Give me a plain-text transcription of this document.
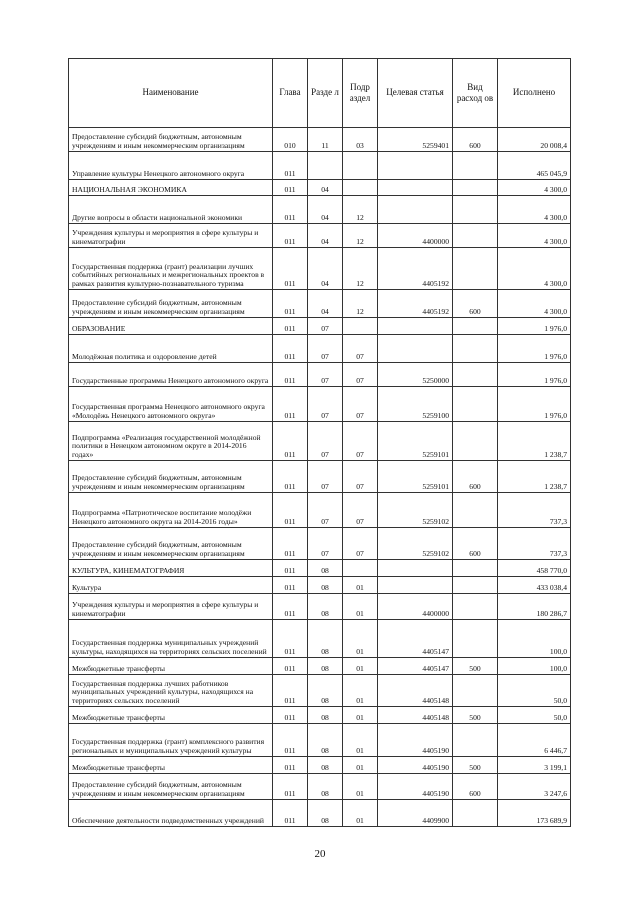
Наименование	Глава	Разде л	Подр аздел	Целевая статья	Вид расход ов	Исполнено
Предоставление субсидий бюджетным, автономным учреждениям и иным некоммерческим организациям	010	11	03	5259401	600	20 008,4
Управление культуры Ненецкого автономного округа	011					465 045,9
НАЦИОНАЛЬНАЯ ЭКОНОМИКА	011	04				4 300,0
Другие вопросы в области национальной экономики	011	04	12			4 300,0
Учреждения культуры и мероприятия в сфере культуры и кинематографии	011	04	12	4400000		4 300,0
Государственная поддержка (грант) реализации лучших событийных региональных и межрегиональных проектов в рамках развития культурно-познавательного туризма	011	04	12	4405192		4 300,0
Предоставление субсидий бюджетным, автономным учреждениям и иным некоммерческим организациям	011	04	12	4405192	600	4 300,0
ОБРАЗОВАНИЕ	011	07				1 976,0
Молодёжная политика и оздоровление детей	011	07	07			1 976,0
Государственные программы Ненецкого автономного округа	011	07	07	5250000		1 976,0
Государственная программа Ненецкого автономного округа «Молодёжь Ненецкого автономного округа»	011	07	07	5259100		1 976,0
Подпрограмма «Реализация государственной молодёжной политики в Ненецком автономном округе в 2014-2016 годах»	011	07	07	5259101		1 238,7
Предоставление субсидий бюджетным, автономным учреждениям и иным некоммерческим организациям	011	07	07	5259101	600	1 238,7
Подпрограмма «Патриотическое воспитание молодёжи Ненецкого автономного округа на 2014-2016 годы»	011	07	07	5259102		737,3
Предоставление субсидий бюджетным, автономным учреждениям и иным некоммерческим организациям	011	07	07	5259102	600	737,3
КУЛЬТУРА, КИНЕМАТОГРАФИЯ	011	08				458 770,0
Культура	011	08	01			433 038,4
Учреждения культуры и мероприятия в сфере культуры и кинематографии	011	08	01	4400000		180 286,7
Государственная поддержка муниципальных учреждений культуры, находящихся на территориях сельских поселений	011	08	01	4405147		100,0
Межбюджетные трансферты	011	08	01	4405147	500	100,0
Государственная поддержка лучших работников муниципальных учреждений культуры, находящихся на территориях сельских поселений	011	08	01	4405148		50,0
Межбюджетные трансферты	011	08	01	4405148	500	50,0
Государственная поддержка (грант) комплексного развития региональных и муниципальных учреждений культуры	011	08	01	4405190		6 446,7
Межбюджетные трансферты	011	08	01	4405190	500	3 199,1
Предоставление субсидий бюджетным, автономным учреждениям и иным некоммерческим организациям	011	08	01	4405190	600	3 247,6
Обеспечение деятельности подведомственных учреждений	011	08	01	4409900		173 689,9
20
